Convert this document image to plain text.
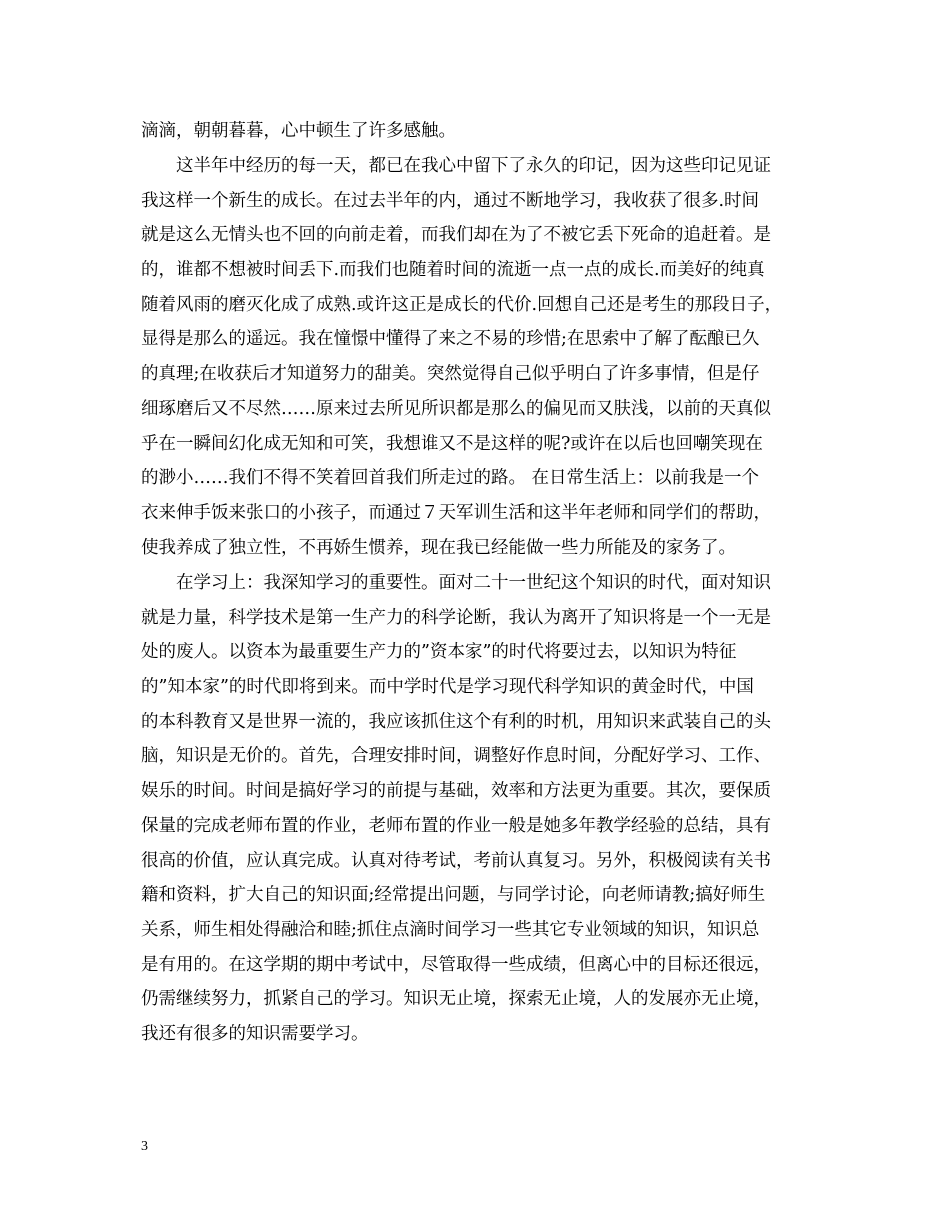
滴滴，朝朝暮暮，心中顿生了许多感触。
这半年中经历的每一天，都已在我心中留下了永久的印记，因为这些印记见证
我这样一个新生的成长。在过去半年的内，通过不断地学习，我收获了很多.时间
就是这么无情头也不回的向前走着，而我们却在为了不被它丢下死命的追赶着。是
的，谁都不想被时间丢下.而我们也随着时间的流逝一点一点的成长.而美好的纯真
随着风雨的磨灭化成了成熟.或许这正是成长的代价.回想自己还是考生的那段日子，
显得是那么的遥远。我在憧憬中懂得了来之不易的珍惜;在思索中了解了酝酿已久
的真理;在收获后才知道努力的甜美。突然觉得自己似乎明白了许多事情，但是仔
细琢磨后又不尽然……原来过去所见所识都是那么的偏见而又肤浅，以前的天真似
乎在一瞬间幻化成无知和可笑，我想谁又不是这样的呢?或许在以后也回嘲笑现在
的渺小……我们不得不笑着回首我们所走过的路。 在日常生活上：以前我是一个
衣来伸手饭来张口的小孩子，而通过７天军训生活和这半年老师和同学们的帮助，
使我养成了独立性，不再娇生惯养，现在我已经能做一些力所能及的家务了。
在学习上：我深知学习的重要性。面对二十一世纪这个知识的时代，面对知识
就是力量，科学技术是第一生产力的科学论断，我认为离开了知识将是一个一无是
处的废人。以资本为最重要生产力的”资本家”的时代将要过去，以知识为特征
的”知本家”的时代即将到来。而中学时代是学习现代科学知识的黄金时代，中国
的本科教育又是世界一流的，我应该抓住这个有利的时机，用知识来武装自己的头
脑，知识是无价的。首先，合理安排时间，调整好作息时间，分配好学习、工作、
娱乐的时间。时间是搞好学习的前提与基础，效率和方法更为重要。其次，要保质
保量的完成老师布置的作业，老师布置的作业一般是她多年教学经验的总结，具有
很高的价值，应认真完成。认真对待考试，考前认真复习。另外，积极阅读有关书
籍和资料，扩大自己的知识面;经常提出问题，与同学讨论，向老师请教;搞好师生
关系，师生相处得融洽和睦;抓住点滴时间学习一些其它专业领域的知识，知识总
是有用的。在这学期的期中考试中，尽管取得一些成绩，但离心中的目标还很远，
仍需继续努力，抓紧自己的学习。知识无止境，探索无止境，人的发展亦无止境，
我还有很多的知识需要学习。
3
